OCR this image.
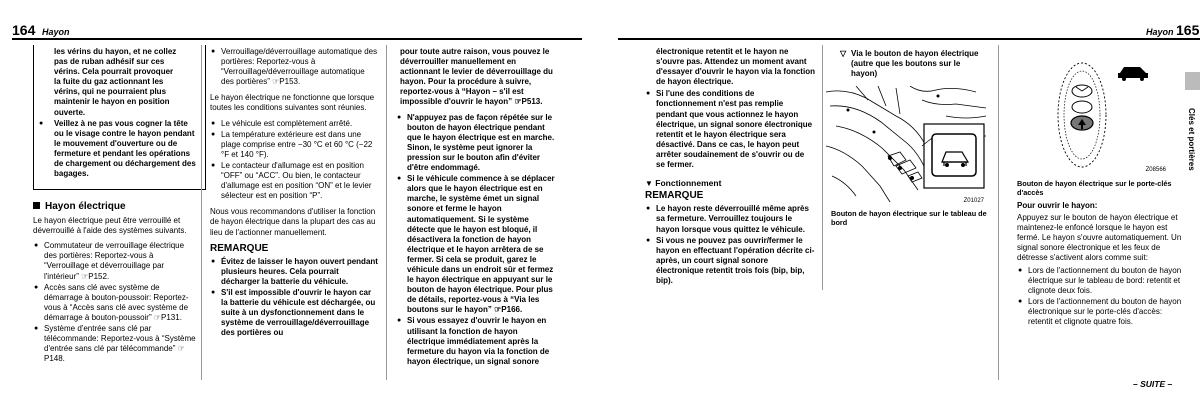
164 Hayon
les vérins du hayon, et ne collez
pas de ruban adhésif sur ces
vérins. Cela pourrait provoquer
la fuite du gaz actionnant les
vérins, qui ne pourraient plus
maintenir le hayon en position
ouverte.
● Veillez à ne pas vous cogner la tête ou le visage contre le hayon pendant le mouvement d'ouverture ou de fermeture et pendant les opérations de chargement ou déchargement des bagages.
Hayon électrique

Le hayon électrique peut être verrouillé et déverrouillé à l'aide des systèmes suivants.

● Commutateur de verrouillage électrique des portières: Reportez-vous à “Verrouillage et déverrouillage par l'intérieur” ☞P152.
● Accès sans clé avec système de démarrage à bouton-poussoir: Reportez-vous à “Accès sans clé avec système de démarrage à bouton-poussoir” ☞P131.
● Système d'entrée sans clé par télécommande: Reportez-vous à “Système d'entrée sans clé par télécommande” ☞P148.
● Verrouillage/déverrouillage automatique des portières: Reportez-vous à “Verrouillage/déverrouillage automatique des portières” ☞P153.

Le hayon électrique ne fonctionne que lorsque toutes les conditions suivantes sont réunies.

● Le véhicule est complètement arrêté.
● La température extérieure est dans une plage comprise entre −30 °C et 60 °C (−22 °F et 140 °F).
● Le contacteur d'allumage est en position “OFF” ou “ACC”. Ou bien, le contacteur d'allumage est en position “ON” et le levier sélecteur est en position “P”.

Nous vous recommandons d'utiliser la fonction de hayon électrique dans la plupart des cas au lieu de l'actionner manuellement.

REMARQUE
● Évitez de laisser le hayon ouvert pendant plusieurs heures. Cela pourrait décharger la batterie du véhicule.
● S'il est impossible d'ouvrir le hayon car la batterie du véhicule est déchargée, ou suite à un dysfonctionnement dans le système de verrouillage/déverrouillage des portières ou

pour toute autre raison, vous pouvez le déverrouiller manuellement en actionnant le levier de déverrouillage du hayon. Pour la procédure à suivre, reportez-vous à “Hayon – s'il est impossible d'ouvrir le hayon” ☞P513.

● N'appuyez pas de façon répétée sur le bouton de hayon électrique pendant que le hayon électrique est en marche. Sinon, le système peut ignorer la pression sur le bouton afin d'éviter d'être endommagé.
● Si le véhicule commence à se déplacer alors que le hayon électrique est en marche, le système émet un signal sonore et ferme le hayon automatiquement. Si le système détecte que le hayon est bloqué, il désactivera la fonction de hayon électrique et le hayon arrêtera de se fermer. Si cela se produit, garez le véhicule dans un endroit sûr et fermez le hayon électrique en appuyant sur le bouton de hayon électrique. Pour plus de détails, reportez-vous à “Via les boutons sur le hayon” ☞P166.
● Si vous essayez d'ouvrir le hayon en utilisant la fonction de hayon électrique immédiatement après la fermeture du hayon via la fonction de hayon électrique, un signal sonore
Hayon 165
Clés et portières

électronique retentit et le hayon ne s'ouvre pas. Attendez un moment avant d'essayer d'ouvrir le hayon via la fonction de hayon électrique.

● Si l'une des conditions de fonctionnement n'est pas remplie pendant que vous actionnez le hayon électrique, un signal sonore électronique retentit et le hayon électrique sera désactivé. Dans ce cas, le hayon peut arrêter soudainement de s'ouvrir ou de se fermer.
▼ Fonctionnement
REMARQUE
● Le hayon reste déverrouillé même après sa fermeture. Verrouillez toujours le hayon lorsque vous quittez le véhicule.
● Si vous ne pouvez pas ouvrir/fermer le hayon en effectuant l'opération décrite ci-après, un court signal sonore électronique retentit trois fois (bip, bip, bip).
▽ Via le bouton de hayon électrique (autre que les boutons sur le hayon)
Z01027
Bouton de hayon électrique sur le tableau de bord
Z08566
Bouton de hayon électrique sur le porte-clés d'accès
Pour ouvrir le hayon:

Appuyez sur le bouton de hayon électrique et maintenez-le enfoncé lorsque le hayon est fermé. Le hayon s'ouvre automatiquement. Un signal sonore électronique et les feux de détresse s'activent alors comme suit:

● Lors de l'actionnement du bouton de hayon électrique sur le tableau de bord: retentit et clignote deux fois.
● Lors de l'actionnement du bouton de hayon électronique sur le porte-clés d'accès: retentit et clignote quatre fois.
– SUITE –
